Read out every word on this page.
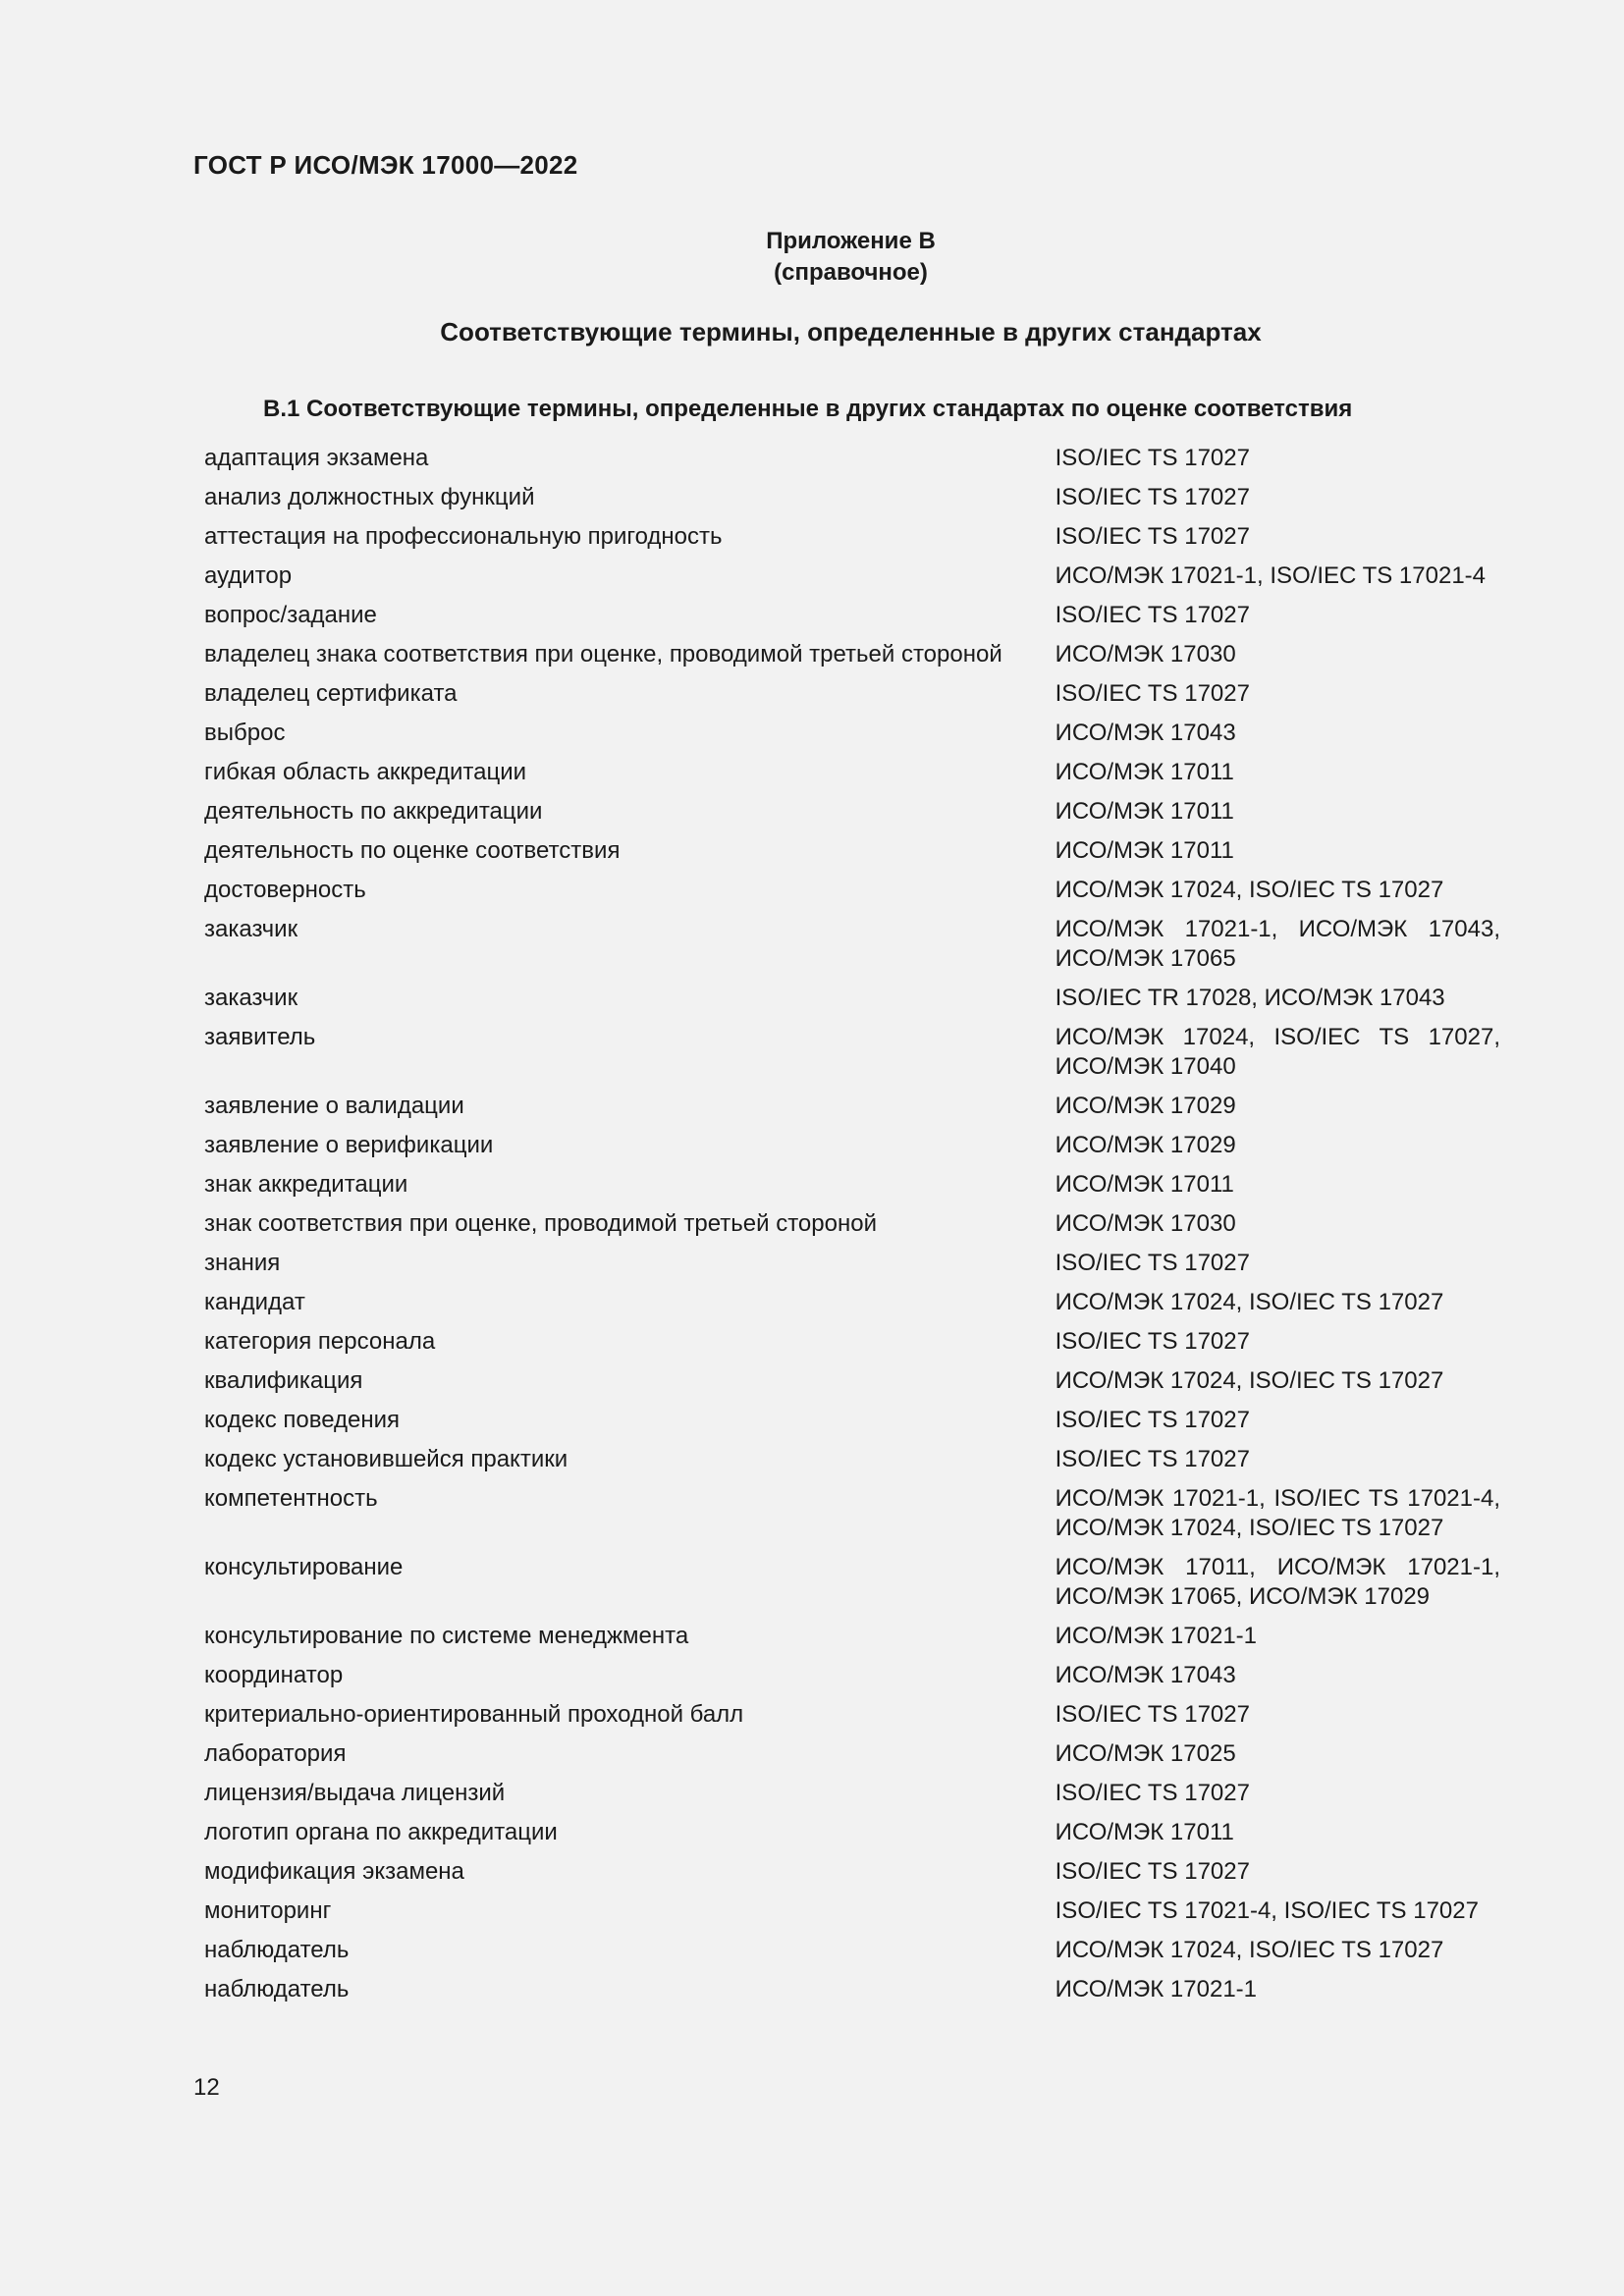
ГОСТ Р ИСО/МЭК 17000—2022
Приложение В
(справочное)
Соответствующие термины, определенные в других стандартах
В.1 Соответствующие термины, определенные в других стандартах по оценке соответствия
адаптация экзамена	ISO/IEC TS 17027
анализ должностных функций	ISO/IEC TS 17027
аттестация на профессиональную пригодность	ISO/IEC TS 17027
аудитор	ИСО/МЭК 17021-1, ISO/IEC TS 17021-4
вопрос/задание	ISO/IEC TS 17027
владелец знака соответствия при оценке, проводимой третьей стороной	ИСО/МЭК 17030
владелец сертификата	ISO/IEC TS 17027
выброс	ИСО/МЭК 17043
гибкая область аккредитации	ИСО/МЭК 17011
деятельность по аккредитации	ИСО/МЭК 17011
деятельность по оценке соответствия	ИСО/МЭК 17011
достоверность	ИСО/МЭК 17024, ISO/IEC TS 17027
заказчик	ИСО/МЭК 17021-1, ИСО/МЭК 17043, ИСО/МЭК 17065
заказчик	ISO/IEC TR 17028, ИСО/МЭК 17043
заявитель	ИСО/МЭК 17024, ISO/IEC TS 17027, ИСО/МЭК 17040
заявление о валидации	ИСО/МЭК 17029
заявление о верификации	ИСО/МЭК 17029
знак аккредитации	ИСО/МЭК 17011
знак соответствия при оценке, проводимой третьей стороной	ИСО/МЭК 17030
знания	ISO/IEC TS 17027
кандидат	ИСО/МЭК 17024, ISO/IEC TS 17027
категория персонала	ISO/IEC TS 17027
квалификация	ИСО/МЭК 17024, ISO/IEC TS 17027
кодекс поведения	ISO/IEC TS 17027
кодекс установившейся практики	ISO/IEC TS 17027
компетентность	ИСО/МЭК 17021-1, ISO/IEC TS 17021-4, ИСО/МЭК 17024, ISO/IEC TS 17027
консультирование	ИСО/МЭК 17011, ИСО/МЭК 17021-1, ИСО/МЭК 17065, ИСО/МЭК 17029
консультирование по системе менеджмента	ИСО/МЭК 17021-1
координатор	ИСО/МЭК 17043
критериально-ориентированный проходной балл	ISO/IEC TS 17027
лаборатория	ИСО/МЭК 17025
лицензия/выдача лицензий	ISO/IEC TS 17027
логотип органа по аккредитации	ИСО/МЭК 17011
модификация экзамена	ISO/IEC TS 17027
мониторинг	ISO/IEC TS 17021-4, ISO/IEC TS 17027
наблюдатель	ИСО/МЭК 17024, ISO/IEC TS 17027
наблюдатель	ИСО/МЭК 17021-1
12
